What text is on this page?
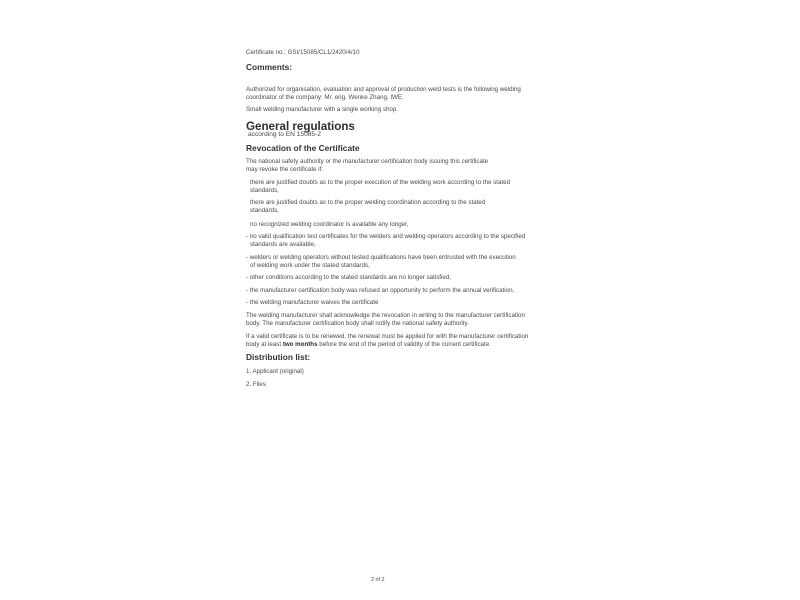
Certificate no.: GSI/15085/CL1/2420/4/10
Comments:
Authorized for organisation, evaluation and approval of production weld tests is the following welding
coordinator of the company: Mr. eng. Wenke Zhang, IWE.
Small welding manufacturer with a single working shop.
General regulations
according to EN 15085-2
Revocation of the Certificate
The national safety authority or the manufacturer certification body issuing this certificate
may revoke the certificate if:
there are justified doubts as to the proper execution of the welding work according to the stated
standards,
there are justified doubts as to the proper welding coordination according to the stated
standards,
no recognized welding coordinator is available any longer,
- no valid qualification test certificates for the welders and welding operators according to the specified
standards are available,
- welders or welding operators without tested qualifications have been entrusted with the execution
of welding work under the stated standards,
- other conditions according to the stated standards are no longer satisfied,
- the manufacturer certification body was refused an opportunity to perform the annual verification,
- the welding manufacturer waives the certificate
The welding manufacturer shall acknowledge the revocation in writing to the manufacturer certification
body. The manufacturer certification body shall notify the national safety authority.
If a valid certificate is to be renewed, the renewal must be applied for with the manufacturer certification
body at least two months before the end of the period of validity of the current certificate.
Distribution list:
1. Applicant (original)
2. Files
2 of 2
